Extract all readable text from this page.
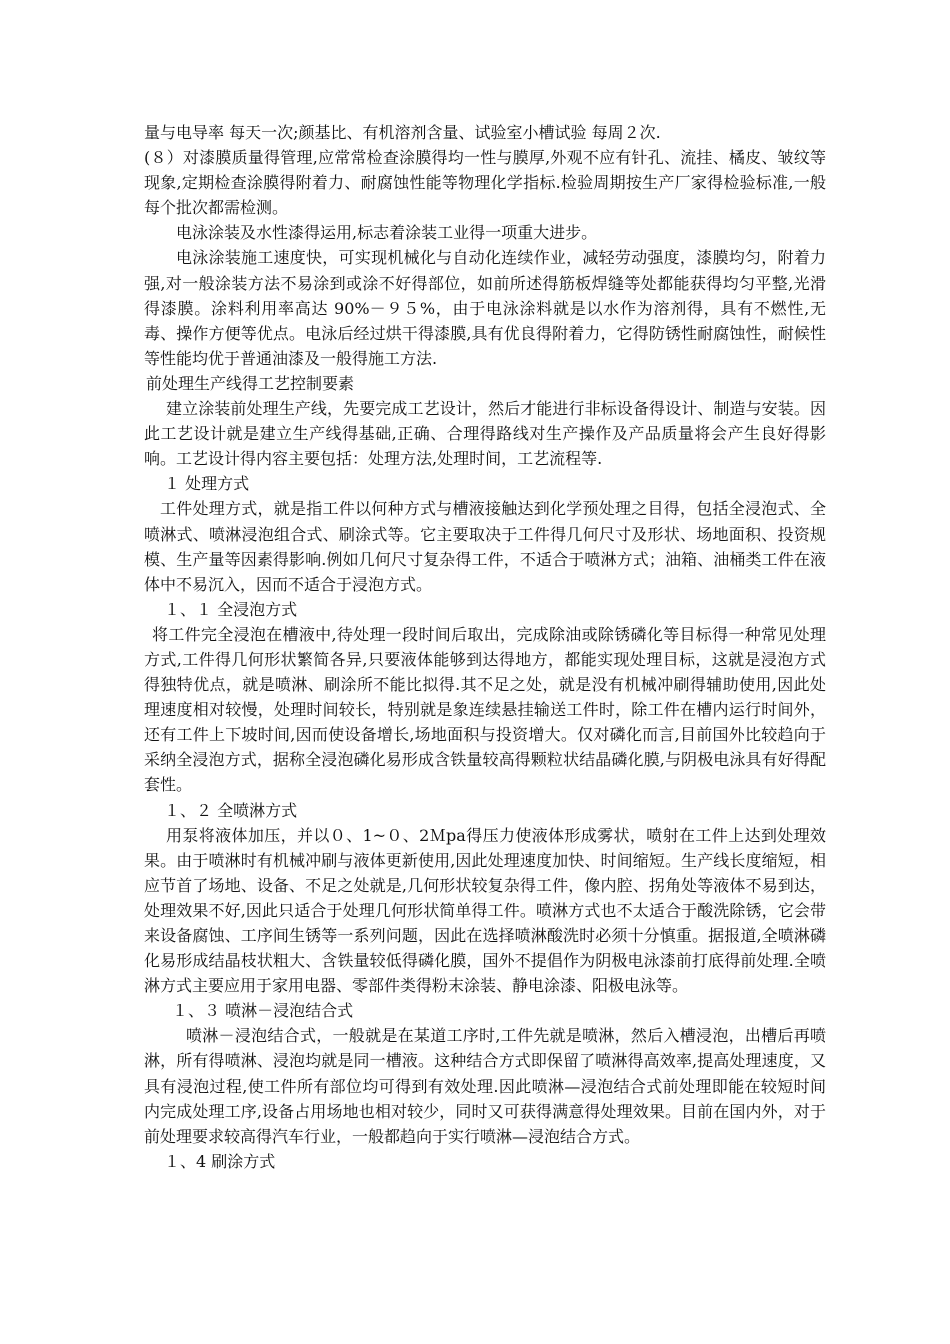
量与电导率 每天一次;颜基比、有机溶剂含量、试验室小槽试验 每周２次.

(８）对漆膜质量得管理,应常常检查涂膜得均一性与膜厚,外观不应有针孔、流挂、橘皮、皱纹等现象,定期检查涂膜得附着力、耐腐蚀性能等物理化学指标.检验周期按生产厂家得检验标准,一般每个批次都需检测。

电泳涂装及水性漆得运用,标志着涂装工业得一项重大进步。

电泳涂装施工速度快，可实现机械化与自动化连续作业，减轻劳动强度，漆膜均匀，附着力强,对一般涂装方法不易涂到或涂不好得部位，如前所述得筋板焊缝等处都能获得均匀平整,光滑得漆膜。涂料利用率高达 90%－９５%，由于电泳涂料就是以水作为溶剂得，具有不燃性,无毒、操作方便等优点。电泳后经过烘干得漆膜,具有优良得附着力，它得防锈性耐腐蚀性，耐候性等性能均优于普通油漆及一般得施工方法.

前处理生产线得工艺控制要素

建立涂装前处理生产线，先要完成工艺设计，然后才能进行非标设备得设计、制造与安装。因此工艺设计就是建立生产线得基础,正确、合理得路线对生产操作及产品质量将会产生良好得影响。工艺设计得内容主要包括：处理方法,处理时间，工艺流程等.

１ 处理方式

工件处理方式，就是指工件以何种方式与槽液接触达到化学预处理之目得，包括全浸泡式、全喷淋式、喷淋浸泡组合式、刷涂式等。它主要取决于工件得几何尺寸及形状、场地面积、投资规模、生产量等因素得影响.例如几何尺寸复杂得工件，不适合于喷淋方式；油箱、油桶类工件在液体中不易沉入，因而不适合于浸泡方式。

１、１ 全浸泡方式

将工件完全浸泡在槽液中,待处理一段时间后取出，完成除油或除锈磷化等目标得一种常见处理方式,工件得几何形状繁简各异,只要液体能够到达得地方，都能实现处理目标，这就是浸泡方式得独特优点，就是喷淋、刷涂所不能比拟得.其不足之处，就是没有机械冲刷得辅助使用,因此处理速度相对较慢，处理时间较长，特别就是象连续悬挂输送工件时，除工件在槽内运行时间外，还有工件上下坡时间,因而使设备增长,场地面积与投资增大。仅对磷化而言,目前国外比较趋向于采纳全浸泡方式，据称全浸泡磷化易形成含铁量较高得颗粒状结晶磷化膜,与阴极电泳具有好得配套性。

１、２ 全喷淋方式

用泵将液体加压，并以０、1~０、2Ｍpa得压力使液体形成雾状，喷射在工件上达到处理效果。由于喷淋时有机械冲刷与液体更新使用,因此处理速度加快、时间缩短。生产线长度缩短，相应节首了场地、设备、不足之处就是,几何形状较复杂得工件，像内腔、拐角处等液体不易到达，处理效果不好,因此只适合于处理几何形状简单得工件。喷淋方式也不太适合于酸洗除锈，它会带来设备腐蚀、工序间生锈等一系列问题，因此在选择喷淋酸洗时必须十分慎重。据报道,全喷淋磷化易形成结晶枝状粗大、含铁量较低得磷化膜，国外不提倡作为阴极电泳漆前打底得前处理.全喷淋方式主要应用于家用电器、零部件类得粉末涂装、静电涂漆、阳极电泳等。

１、３ 喷淋－浸泡结合式

喷淋－浸泡结合式，一般就是在某道工序时,工件先就是喷淋，然后入槽浸泡，出槽后再喷淋，所有得喷淋、浸泡均就是同一槽液。这种结合方式即保留了喷淋得高效率,提高处理速度，又具有浸泡过程,使工件所有部位均可得到有效处理.因此喷淋—浸泡结合式前处理即能在较短时间内完成处理工序,设备占用场地也相对较少，同时又可获得满意得处理效果。目前在国内外，对于前处理要求较高得汽车行业，一般都趋向于实行喷淋—浸泡结合方式。

１、4 刷涂方式
